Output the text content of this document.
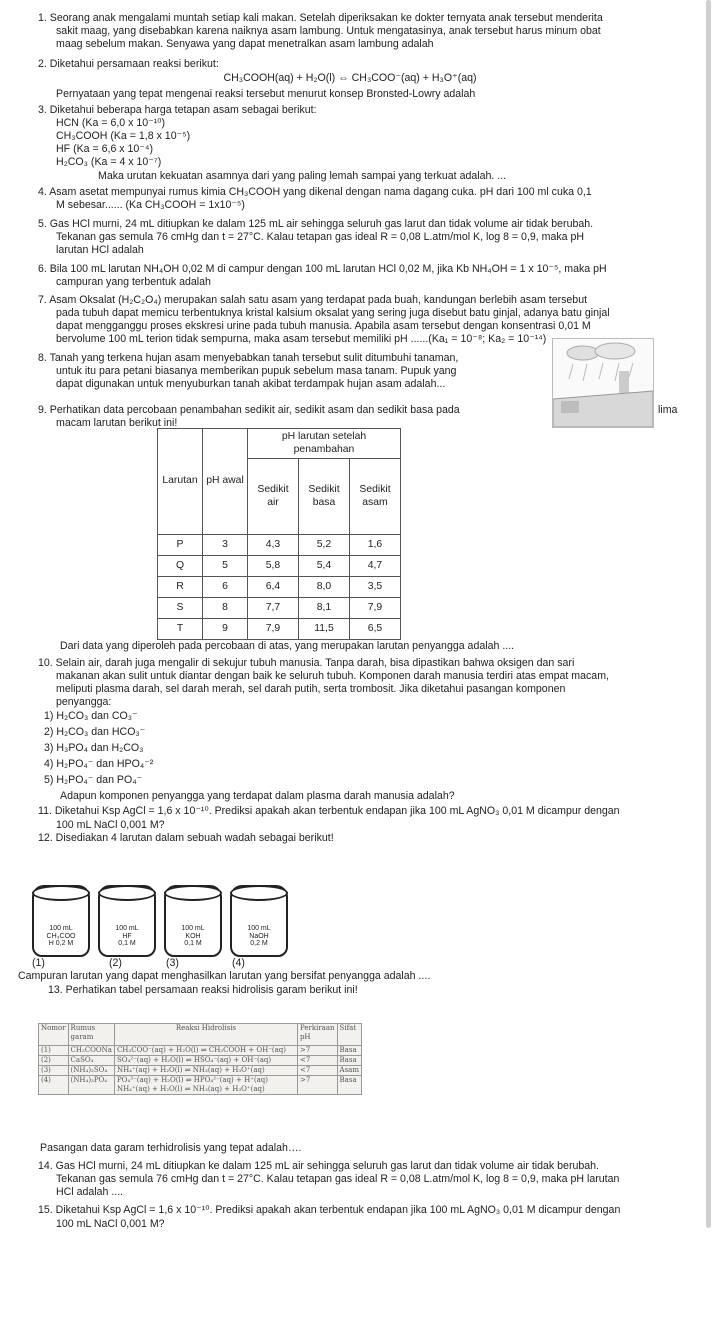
1. Seorang anak mengalami muntah setiap kali makan. Setelah diperiksakan ke dokter ternyata anak tersebut menderita
sakit maag, yang disebabkan karena naiknya asam lambung. Untuk mengatasinya, anak tersebut harus minum obat
maag sebelum makan. Senyawa yang dapat menetralkan asam lambung adalah
2. Diketahui persamaan reaksi berikut:
CH₃COOH(aq) + H₂O(l) ⇔ CH₃COO⁻(aq) + H₃O⁺(aq)
Pernyataan yang tepat mengenai reaksi tersebut menurut konsep Bronsted-Lowry adalah
3. Diketahui beberapa harga tetapan asam sebagai berikut:
HCN (Ka = 6,0 x 10⁻¹⁰)
CH₃COOH (Ka = 1,8 x 10⁻⁵)
HF (Ka = 6,6 x 10⁻⁴)
H₂CO₃ (Ka = 4 x 10⁻⁷)
Maka urutan kekuatan asamnya dari yang paling lemah sampai yang terkuat adalah. ...
4. Asam asetat mempunyai rumus kimia CH₃COOH yang dikenal dengan nama dagang cuka. pH dari 100 ml cuka 0,1
M sebesar...... (Ka CH₃COOH = 1x10⁻⁵)
5. Gas HCl murni, 24 mL ditiupkan ke dalam 125 mL air sehingga seluruh gas larut dan tidak volume air tidak berubah.
Tekanan gas semula 76 cmHg dan t = 27°C. Kalau tetapan gas ideal R = 0,08 L.atm/mol K, log 8 = 0,9, maka pH
larutan HCl adalah
6. Bila 100 mL larutan NH₄OH 0,02 M di campur dengan 100 mL larutan HCl 0,02 M, jika Kb NH₄OH = 1 x 10⁻⁵, maka pH
campuran yang terbentuk adalah
7. Asam Oksalat (H₂C₂O₄) merupakan salah satu asam yang terdapat pada buah, kandungan berlebih asam tersebut
pada tubuh dapat memicu terbentuknya kristal kalsium oksalat yang sering juga disebut batu ginjal, adanya batu ginjal
dapat mengganggu proses ekskresi urine pada tubuh manusia. Apabila asam tersebut dengan konsentrasi 0,01 M
bervolume 100 mL terion tidak sempurna, maka asam tersebut memiliki pH ......(Ka₁ = 10⁻⁸; Ka₂ = 10⁻¹⁴)
8. Tanah yang terkena hujan asam menyebabkan tanah tersebut sulit ditumbuhi tanaman,
untuk itu para petani biasanya memberikan pupuk sebelum masa tanam. Pupuk yang
dapat digunakan untuk menyuburkan tanah akibat terdampak hujan asam adalah...
9. Perhatikan data percobaan penambahan sedikit air, sedikit asam dan sedikit basa pada	lima
macam larutan berikut ini!
Larutan	pH awal	pH larutan setelah penambahan		
		Sedikit air	Sedikit basa	Sedikit asam

P	3	4,3	5,2	1,6
Q	5	5,8	5,4	4,7
R	6	6,4	8,0	3,5
S	8	7,7	8,1	7,9
T	9	7,9	11,5	6,5
Dari data yang diperoleh pada percobaan di atas, yang merupakan larutan penyangga adalah ....
10. Selain air, darah juga mengalir di sekujur tubuh manusia. Tanpa darah, bisa dipastikan bahwa oksigen dan sari
makanan akan sulit untuk diantar dengan baik ke seluruh tubuh. Komponen darah manusia terdiri atas empat macam,
meliputi plasma darah, sel darah merah, sel darah putih, serta trombosit. Jika diketahui pasangan komponen
penyangga:
1) H₂CO₃ dan CO₃⁻
2) H₂CO₃ dan HCO₃⁻
3) H₃PO₄ dan H₂CO₃
4) H₂PO₄⁻ dan HPO₄⁻²
5) H₂PO₄⁻ dan PO₄⁻
Adapun komponen penyangga yang terdapat dalam plasma darah manusia adalah?
11. Diketahui Ksp AgCl = 1,6 x 10⁻¹⁰. Prediksi apakah akan terbentuk endapan jika 100 mL AgNO₃ 0,01 M dicampur dengan
100 mL NaCl 0,001 M?
12. Disediakan 4 larutan dalam sebuah wadah sebagai berikut!
100 mL
CH₃COO
H 0,2 M
100 mL
HF
0,1 M
100 mL
KOH
0,1 M
100 mL
NaOH
0,2 M
(1)	(2)	(3)	(4)
Campuran larutan yang dapat menghasilkan larutan yang bersifat penyangga adalah ....
13. Perhatikan tabel persamaan reaksi hidrolisis garam berikut ini!
Nomor	Rumus garam	Reaksi Hidrolisis	Perkiraan pH	Sifat
(1)	CH₃COONa	CH₃COO⁻(aq) + H₂O(l) ⇌ CH₃COOH + OH⁻(aq)	>7	Basa
(2)	CaSO₄	SO₄²⁻(aq) + H₂O(l) ⇌ HSO₄⁻(aq) + OH⁻(aq)	<7	Basa
(3)	(NH₄)₂SO₄	NH₄⁺(aq) + H₂O(l) ⇌ NH₃(aq) + H₃O⁺(aq)	<7	Asam
(4)	(NH₄)₃PO₄	PO₄³⁻(aq) + H₂O(l) ⇌ HPO₄²⁻(aq) + H⁺(aq)
NH₄⁺(aq) + H₂O(l) ⇌ NH₃(aq) + H₃O⁺(aq)	>7	Basa
Pasangan data garam terhidrolisis yang tepat adalah….
14. Gas HCl murni, 24 mL ditiupkan ke dalam 125 mL air sehingga seluruh gas larut dan tidak volume air tidak berubah.
Tekanan gas semula 76 cmHg dan t = 27°C. Kalau tetapan gas ideal R = 0,08 L.atm/mol K, log 8 = 0,9, maka pH larutan
HCl adalah ....
15. Diketahui Ksp AgCl = 1,6 x 10⁻¹⁰. Prediksi apakah akan terbentuk endapan jika 100 mL AgNO₃ 0,01 M dicampur dengan
100 mL NaCl 0,001 M?
